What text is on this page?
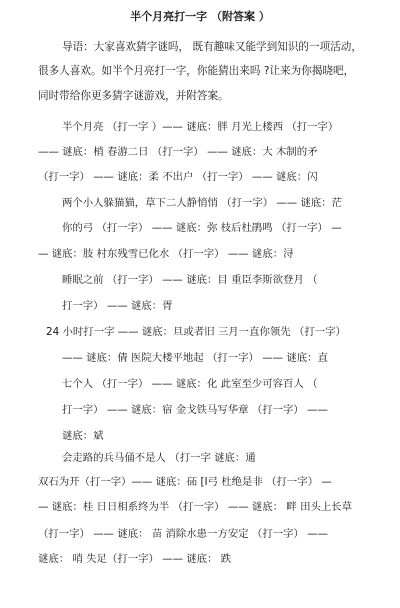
半个月亮打一字 （附答案 ）
导语：大家喜欢猜字谜吗， 既有趣味又能学到知识的一项活动，
很多人喜欢。如半个月亮打一字，你能猜出来吗 ?让来为你揭晓吧，
同时带给你更多猜字谜游戏，并附答案。
半个月亮 （打一字 ）—— 谜底：胖 月光上楼西 （打一字）
—— 谜底：梢 春游二日 （打一字） —— 谜底：大 木制的矛
（打一字） —— 谜底：柔 不出户 （打一字） —— 谜底：闪
两个小人躲猫猫，草下二人静悄悄 （打一字） —— 谜底：茫
你的弓 （打一字） —— 谜底：弥 枝后杜鹃鸣 （打一字） —
— 谜底：肢 村东残雪已化水 （打一字） —— 谜底：浔
睡眠之前 （打一字） —— 谜底：目 重臣李斯欲登月 （
打一字） —— 谜底：胥
24 小时打一字 —— 谜底：旦或者旧 三月一直你领先 （打一字）
—— 谜底：倩 医院大楼平地起 （打一字） —— 谜底：直
七个人 （打一字） —— 谜底：化 此室至少可容百人 （
打一字） —— 谜底：宿 金戈铁马写华章 （打一字） ——
谜底：斌
会走路的兵马俑不是人 （打一字 谜底：通
双石为开（打一字）—— 谜底：砳 [I弓 杜绝是非 （打一字） —
— 谜底：桂 日日相系终为半 （打一字） —— 谜底： 畔 田头上长草
（打一字） —— 谜底： 苗 消除水患一方安定 （打一字） ——
谜底： 哨 失足（打一字） —— 谜底： 跌
